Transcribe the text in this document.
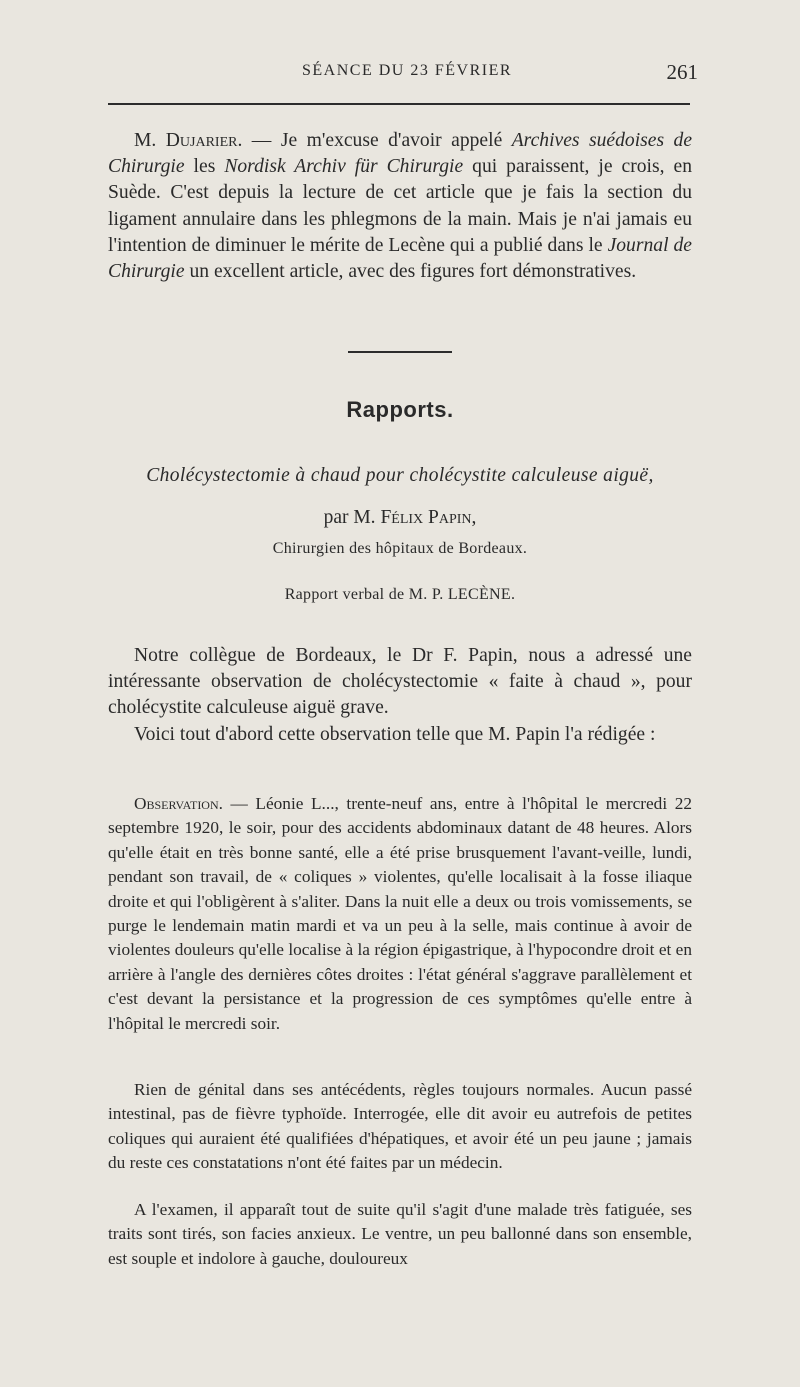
SÉANCE DU 23 FÉVRIER	261
M. Dujarier. — Je m'excuse d'avoir appelé Archives suédoises de Chirurgie les Nordisk Archiv für Chirurgie qui paraissent, je crois, en Suède. C'est depuis la lecture de cet article que je fais la section du ligament annulaire dans les phlegmons de la main. Mais je n'ai jamais eu l'intention de diminuer le mérite de Lecène qui a publié dans le Journal de Chirurgie un excellent article, avec des figures fort démonstratives.
Rapports.
Cholécystectomie à chaud pour cholécystite calculeuse aiguë,
par M. Félix Papin,
Chirurgien des hôpitaux de Bordeaux.
Rapport verbal de M. P. LECÈNE.
Notre collègue de Bordeaux, le Dr F. Papin, nous a adressé une intéressante observation de cholécystectomie « faite à chaud », pour cholécystite calculeuse aiguë grave.
Voici tout d'abord cette observation telle que M. Papin l'a rédigée :
Observation. — Léonie L..., trente-neuf ans, entre à l'hôpital le mercredi 22 septembre 1920, le soir, pour des accidents abdominaux datant de 48 heures. Alors qu'elle était en très bonne santé, elle a été prise brusquement l'avant-veille, lundi, pendant son travail, de « coliques » violentes, qu'elle localisait à la fosse iliaque droite et qui l'obligèrent à s'aliter. Dans la nuit elle a deux ou trois vomissements, se purge le lendemain matin mardi et va un peu à la selle, mais continue à avoir de violentes douleurs qu'elle localise à la région épigastrique, à l'hypocondre droit et en arrière à l'angle des dernières côtes droites : l'état général s'aggrave parallèlement et c'est devant la persistance et la progression de ces symptômes qu'elle entre à l'hôpital le mercredi soir.
Rien de génital dans ses antécédents, règles toujours normales. Aucun passé intestinal, pas de fièvre typhoïde. Interrogée, elle dit avoir eu autrefois de petites coliques qui auraient été qualifiées d'hépatiques, et avoir été un peu jaune ; jamais du reste ces constatations n'ont été faites par un médecin.
A l'examen, il apparaît tout de suite qu'il s'agit d'une malade très fatiguée, ses traits sont tirés, son facies anxieux. Le ventre, un peu ballonné dans son ensemble, est souple et indolore à gauche, douloureux
